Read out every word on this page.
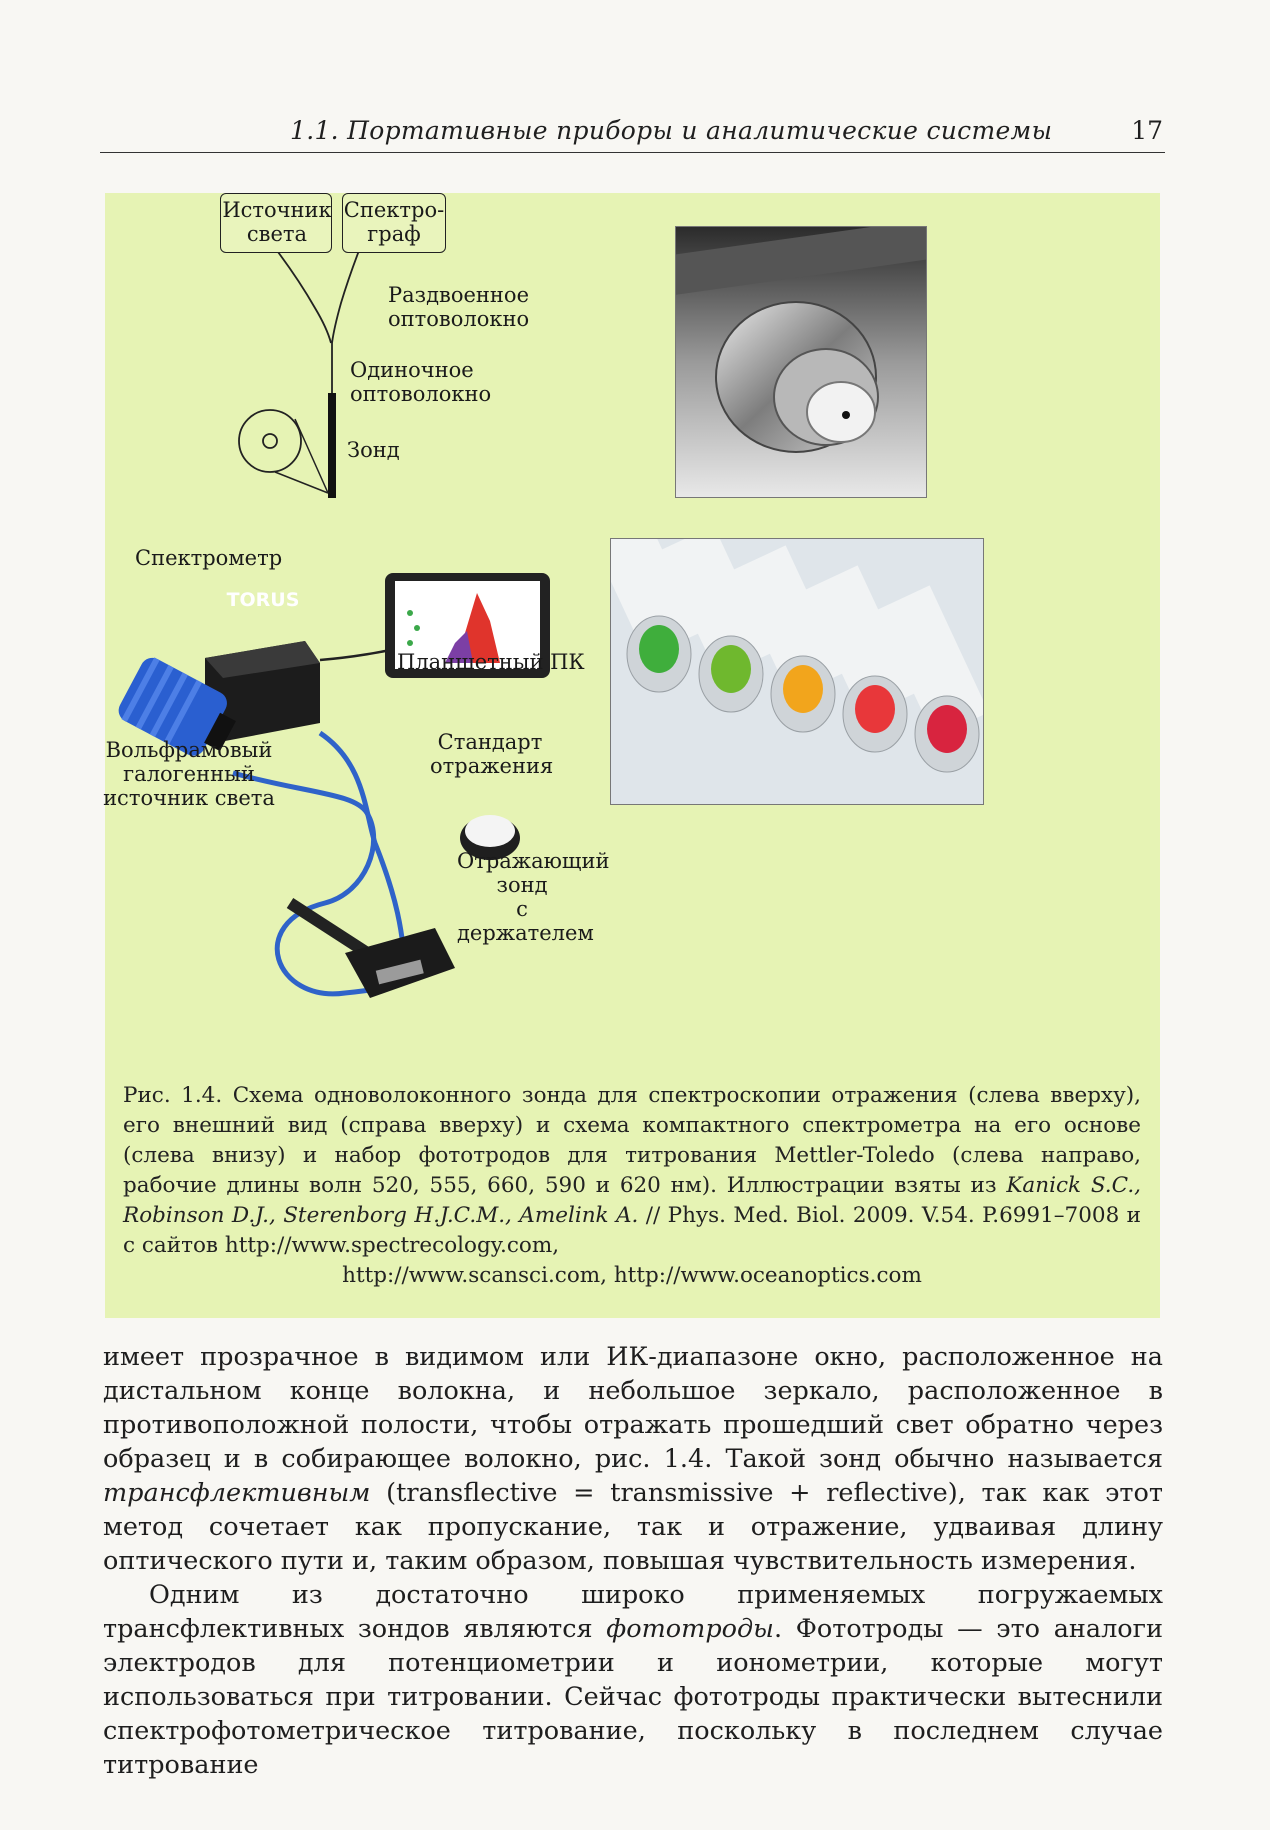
1.1. Портативные приборы и аналитические системы	17
Источник
света
Спектро-
граф
Раздвоенное
оптоволокно
Одиночное
оптоволокно
Зонд
Спектрометр
TORUS
Планшетный ПК
Вольфрамовый
галогенный
источник света
Стандарт
отражения
Отражающий
зонд
с держателем
Рис. 1.4. Схема одноволоконного зонда для спектроскопии отражения (слева вверху), его внешний вид (справа вверху) и схема компактного спектрометра на его основе (слева внизу) и набор фототродов для титрования Mettler-Toledo (слева направо, рабочие длины волн 520, 555, 660, 590 и 620 нм). Иллюстрации взяты из Kanick S.C., Robinson D.J., Sterenborg H.J.C.M., Amelink A. // Phys. Med. Biol. 2009. V.54. P.6991–7008 и с сайтов http://www.spectrecology.com,
http://www.scansci.com, http://www.oceanoptics.com

имеет прозрачное в видимом или ИК-диапазоне окно, расположенное на дистальном конце волокна, и небольшое зеркало, расположенное в противоположной полости, чтобы отражать прошедший свет обратно через образец и в собирающее волокно, рис. 1.4. Такой зонд обычно называется трансфлективным (transflective = transmissive + reflective), так как этот метод сочетает как пропускание, так и отражение, удваивая длину оптического пути и, таким образом, повышая чувствительность измерения.

Одним из достаточно широко применяемых погружаемых трансфлективных зондов являются фототроды. Фототроды — это аналоги электродов для потенциометрии и ионометрии, которые могут использоваться при титровании. Сейчас фототроды практически вытеснили спектрофотометрическое титрование, поскольку в последнем случае титрование
